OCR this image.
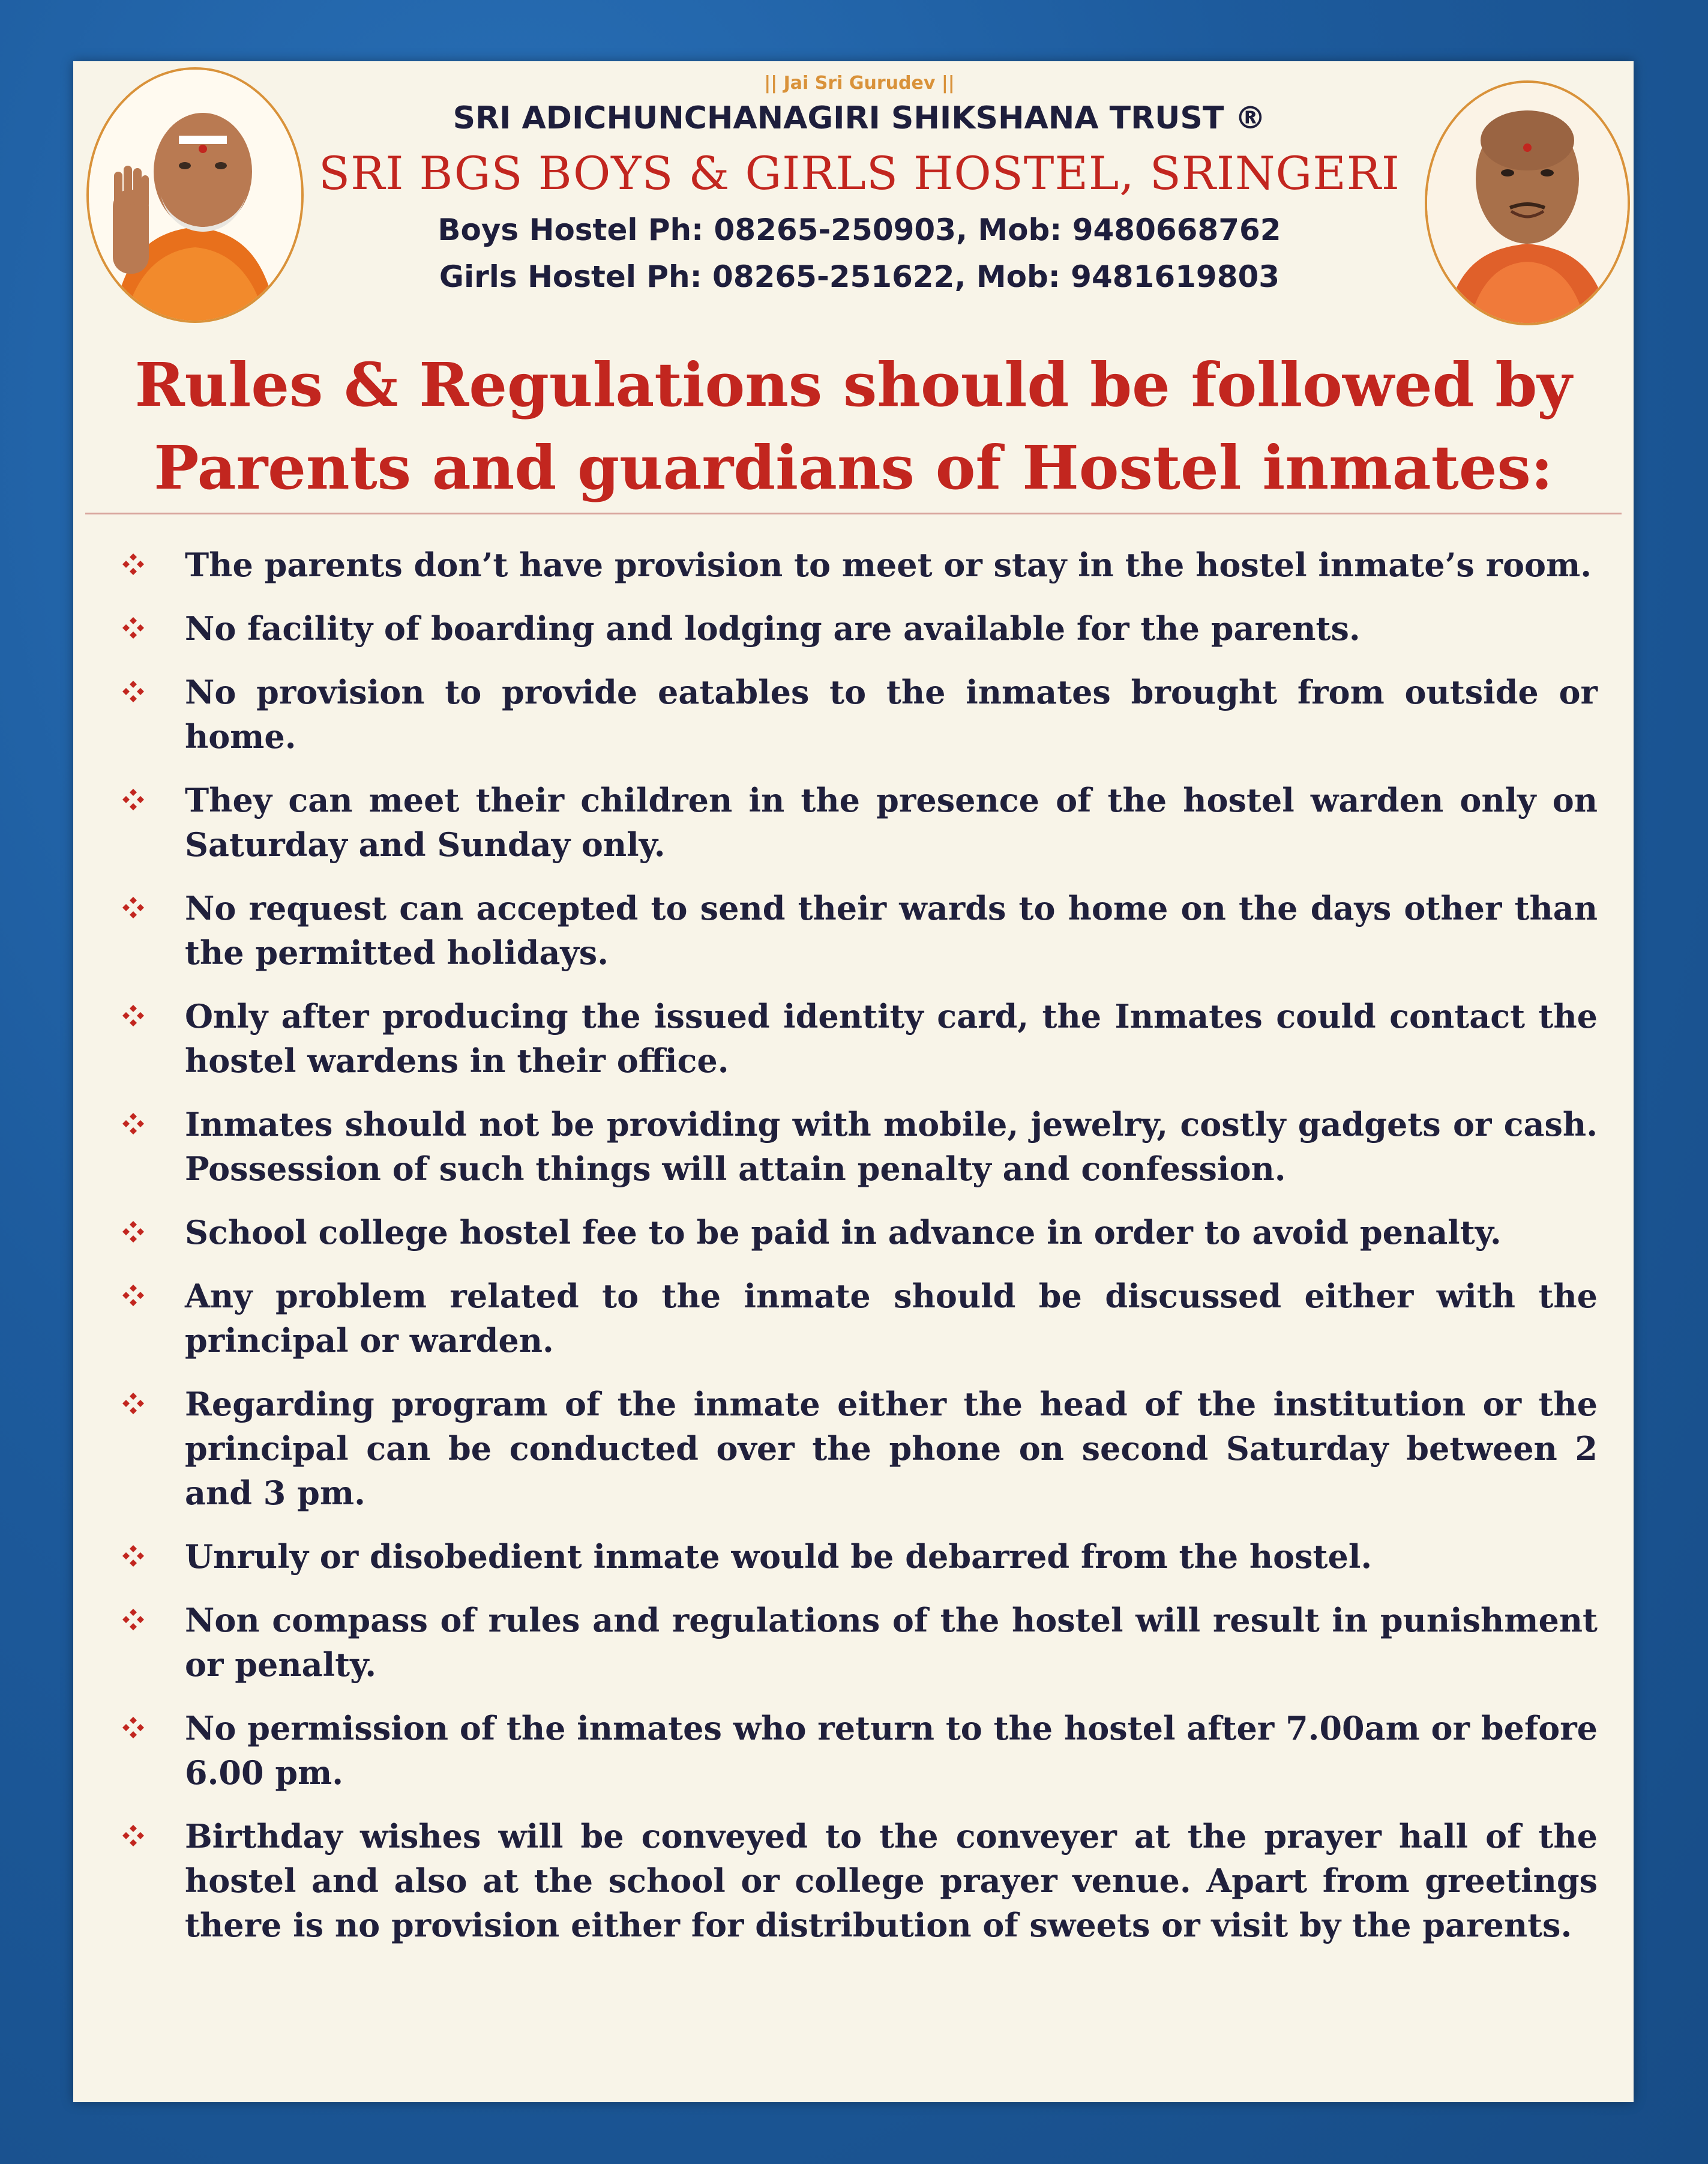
|| Jai Sri Gurudev ||
SRI ADICHUNCHANAGIRI SHIKSHANA TRUST ®
SRI BGS BOYS & GIRLS HOSTEL, SRINGERI
Boys Hostel Ph: 08265-250903, Mob: 9480668762
Girls Hostel Ph: 08265-251622, Mob: 9481619803
Rules & Regulations should be followed by
Parents and guardians of Hostel inmates:
The parents don’t have provision to meet or stay in the hostel inmate’s room.
No facility of boarding and lodging are available for the parents.
No provision to provide eatables to the inmates brought from outside or home.
They can meet their children in the presence of the hostel warden only on Saturday and Sunday only.
No request can accepted to send their wards to home on the days other than the permitted holidays.
Only after producing the issued identity card, the Inmates could contact the hostel wardens in their office.
Inmates should not be providing with mobile, jewelry, costly gadgets or cash. Possession of such things will attain penalty and confession.
School college hostel fee to be paid in advance in order to avoid penalty.
Any problem related to the inmate should be discussed either with the principal or warden.
Regarding program of the inmate either the head of the institution or the principal can be conducted over the phone on second Saturday between 2 and 3 pm.
Unruly or disobedient inmate would be debarred from the hostel.
Non compass of rules and regulations of the hostel will result in punishment or penalty.
No permission of the inmates who return to the hostel after 7.00am or before 6.00 pm.
Birthday wishes will be conveyed to the conveyer at the prayer hall of the hostel and also at the school or college prayer venue. Apart from greetings there is no provision either for distribution of sweets or visit by the parents.
